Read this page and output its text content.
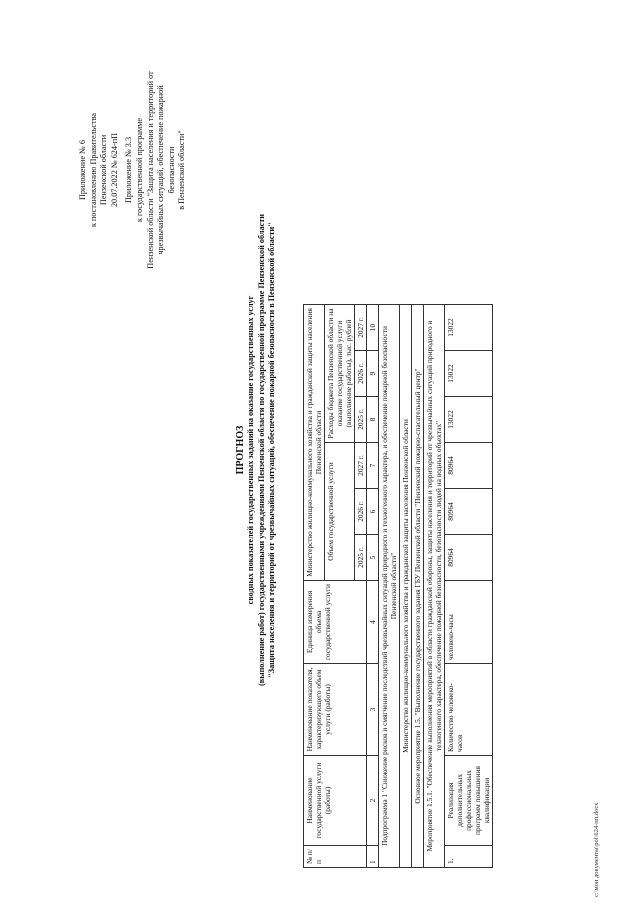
Приложение № 6 к постановлению Правительства Пензенской области 20.07.2022 № 624-пП Приложение № 3.3 к государственной программе Пензенской области "Защита населения и территорий от чрезвычайных ситуаций, обеспечение пожарной безопасности в Пензенской области"
ПРОГНОЗ сводных показателей государственных заданий на оказание государственных услуг (выполнение работ) государственными учреждениями Пензенской области по государственной программе Пензенской области "Защита населения и территорий от чрезвычайных ситуаций, обеспечение пожарной безопасности в Пензенской области"
№ п/п	Наименование государственной услуги (работы)	Наименование показателя, характеризующего объем услуги (работы)	Единица измерения объема государственной услуги	Министерство жилищно-коммунального хозяйства и гражданской защиты населения Пензенской области					
				Объем государственной услуги			Расходы бюджета Пензенской области на оказание государственной услуги (выполнение работы), тыс. рублей		
				2025 г.	2026 г.	2027 г.	2025 г.	2026 г.	2027 г.
1	2	3	4	5	6	7	8	9	10
Подпрограмма 1 "Снижение рисков и смягчение последствий чрезвычайных ситуаций природного и техногенного характера, и обеспечение пожарной безопасности Пензенской области"									
Министерство жилищно-коммунального хозяйства и гражданской защиты населения Пензенской области									
Основное мероприятие 1.5. "Выполнение государственного задания ГБУ Пензенской области "Пензенский пожарно-спасательный центр"									
Мероприятие 1.5.1. "Обеспечение выполнения мероприятий в области гражданской обороны, защиты населения и территорий от чрезвычайных ситуаций природного и техногенного характера, обеспечение пожарной безопасности, безопасности людей на водных объектах"									
1.	Реализация дополнительных профессиональных программ повышения квалификации	Количество человеко-часов	человеко-часы	80964	80964	80964	13022	13022	13022
c:\мои документы\pol\624-пп.docx
